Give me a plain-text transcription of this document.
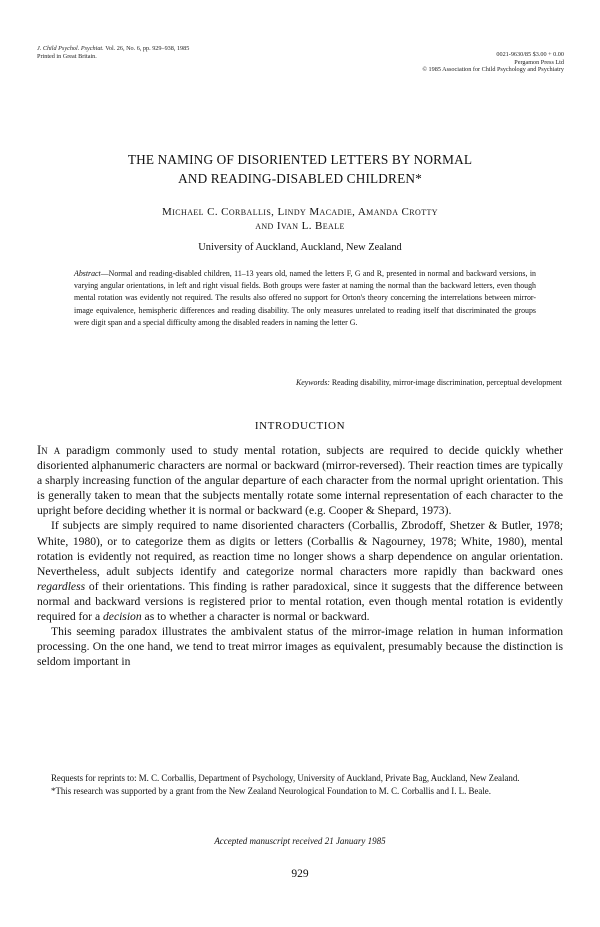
J. Child Psychol. Psychiat. Vol. 26, No. 6, pp. 929–938, 1985
Printed in Great Britain.	0021-9630/85 $3.00 + 0.00
Pergamon Press Ltd
© 1985 Association for Child Psychology and Psychiatry
THE NAMING OF DISORIENTED LETTERS BY NORMAL
AND READING-DISABLED CHILDREN*
Michael C. Corballis, Lindy Macadie, Amanda Crotty
and Ivan L. Beale
University of Auckland, Auckland, New Zealand
Abstract—Normal and reading-disabled children, 11–13 years old, named the letters F, G and R, presented in normal and backward versions, in varying angular orientations, in left and right visual fields. Both groups were faster at naming the normal than the backward letters, even though mental rotation was evidently not required. The results also offered no support for Orton's theory concerning the interrelations between mirror-image equivalence, hemispheric differences and reading disability. The only measures unrelated to reading itself that discriminated the groups were digit span and a special difficulty among the disabled readers in naming the letter G.
Keywords: Reading disability, mirror-image discrimination, perceptual development
INTRODUCTION

In a paradigm commonly used to study mental rotation, subjects are required to decide quickly whether disoriented alphanumeric characters are normal or backward (mirror-reversed). Their reaction times are typically a sharply increasing function of the angular departure of each character from the normal upright orientation. This is generally taken to mean that the subjects mentally rotate some internal representation of each character to the upright before deciding whether it is normal or backward (e.g. Cooper & Shepard, 1973).

If subjects are simply required to name disoriented characters (Corballis, Zbrodoff, Shetzer & Butler, 1978; White, 1980), or to categorize them as digits or letters (Corballis & Nagourney, 1978; White, 1980), mental rotation is evidently not required, as reaction time no longer shows a sharp dependence on angular orientation. Nevertheless, adult subjects identify and categorize normal characters more rapidly than backward ones regardless of their orientations. This finding is rather paradoxical, since it suggests that the difference between normal and backward versions is registered prior to mental rotation, even though mental rotation is evidently required for a decision as to whether a character is normal or backward.

This seeming paradox illustrates the ambivalent status of the mirror-image relation in human information processing. On the one hand, we tend to treat mirror images as equivalent, presumably because the distinction is seldom important in

Requests for reprints to: M. C. Corballis, Department of Psychology, University of Auckland, Private Bag, Auckland, New Zealand.

*This research was supported by a grant from the New Zealand Neurological Foundation to M. C. Corballis and I. L. Beale.

Accepted manuscript received 21 January 1985
929
